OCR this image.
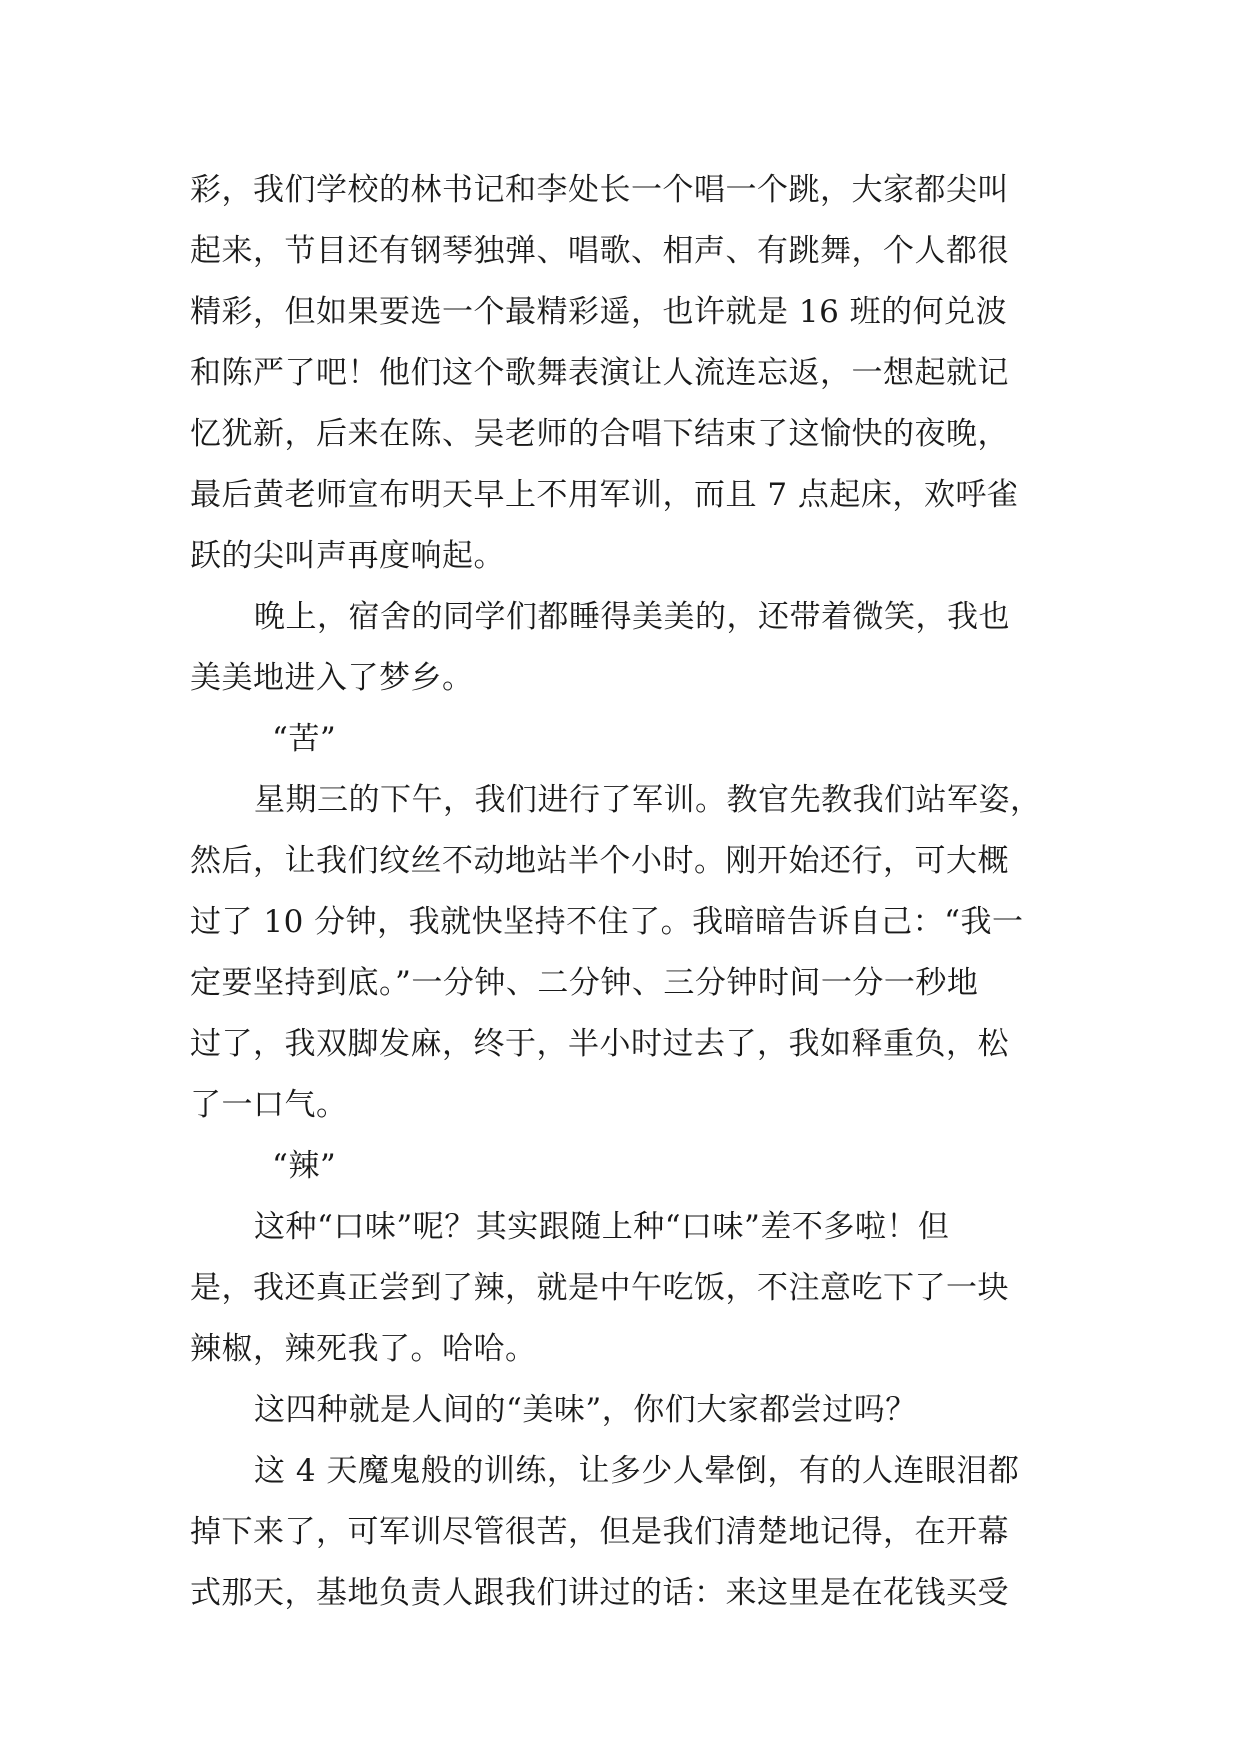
彩，我们学校的林书记和李处长一个唱一个跳，大家都尖叫
起来，节目还有钢琴独弹、唱歌、相声、有跳舞，个人都很
精彩，但如果要选一个最精彩遥，也许就是 16 班的何兑波
和陈严了吧！他们这个歌舞表演让人流连忘返，一想起就记
忆犹新，后来在陈、吴老师的合唱下结束了这愉快的夜晚，
最后黄老师宣布明天早上不用军训，而且 7 点起床，欢呼雀
跃的尖叫声再度响起。
晚上，宿舍的同学们都睡得美美的，还带着微笑，我也
美美地进入了梦乡。
“苦”
星期三的下午，我们进行了军训。教官先教我们站军姿，
然后，让我们纹丝不动地站半个小时。刚开始还行，可大概
过了 10 分钟，我就快坚持不住了。我暗暗告诉自己：“我一
定要坚持到底。”一分钟、二分钟、三分钟时间一分一秒地
过了，我双脚发麻，终于，半小时过去了，我如释重负，松
了一口气。
“辣”
这种“口味”呢？其实跟随上种“口味”差不多啦！但
是，我还真正尝到了辣，就是中午吃饭，不注意吃下了一块
辣椒，辣死我了。哈哈。
这四种就是人间的“美味”，你们大家都尝过吗？
这 4 天魔鬼般的训练，让多少人晕倒，有的人连眼泪都
掉下来了，可军训尽管很苦，但是我们清楚地记得，在开幕
式那天，基地负责人跟我们讲过的话：来这里是在花钱买受
